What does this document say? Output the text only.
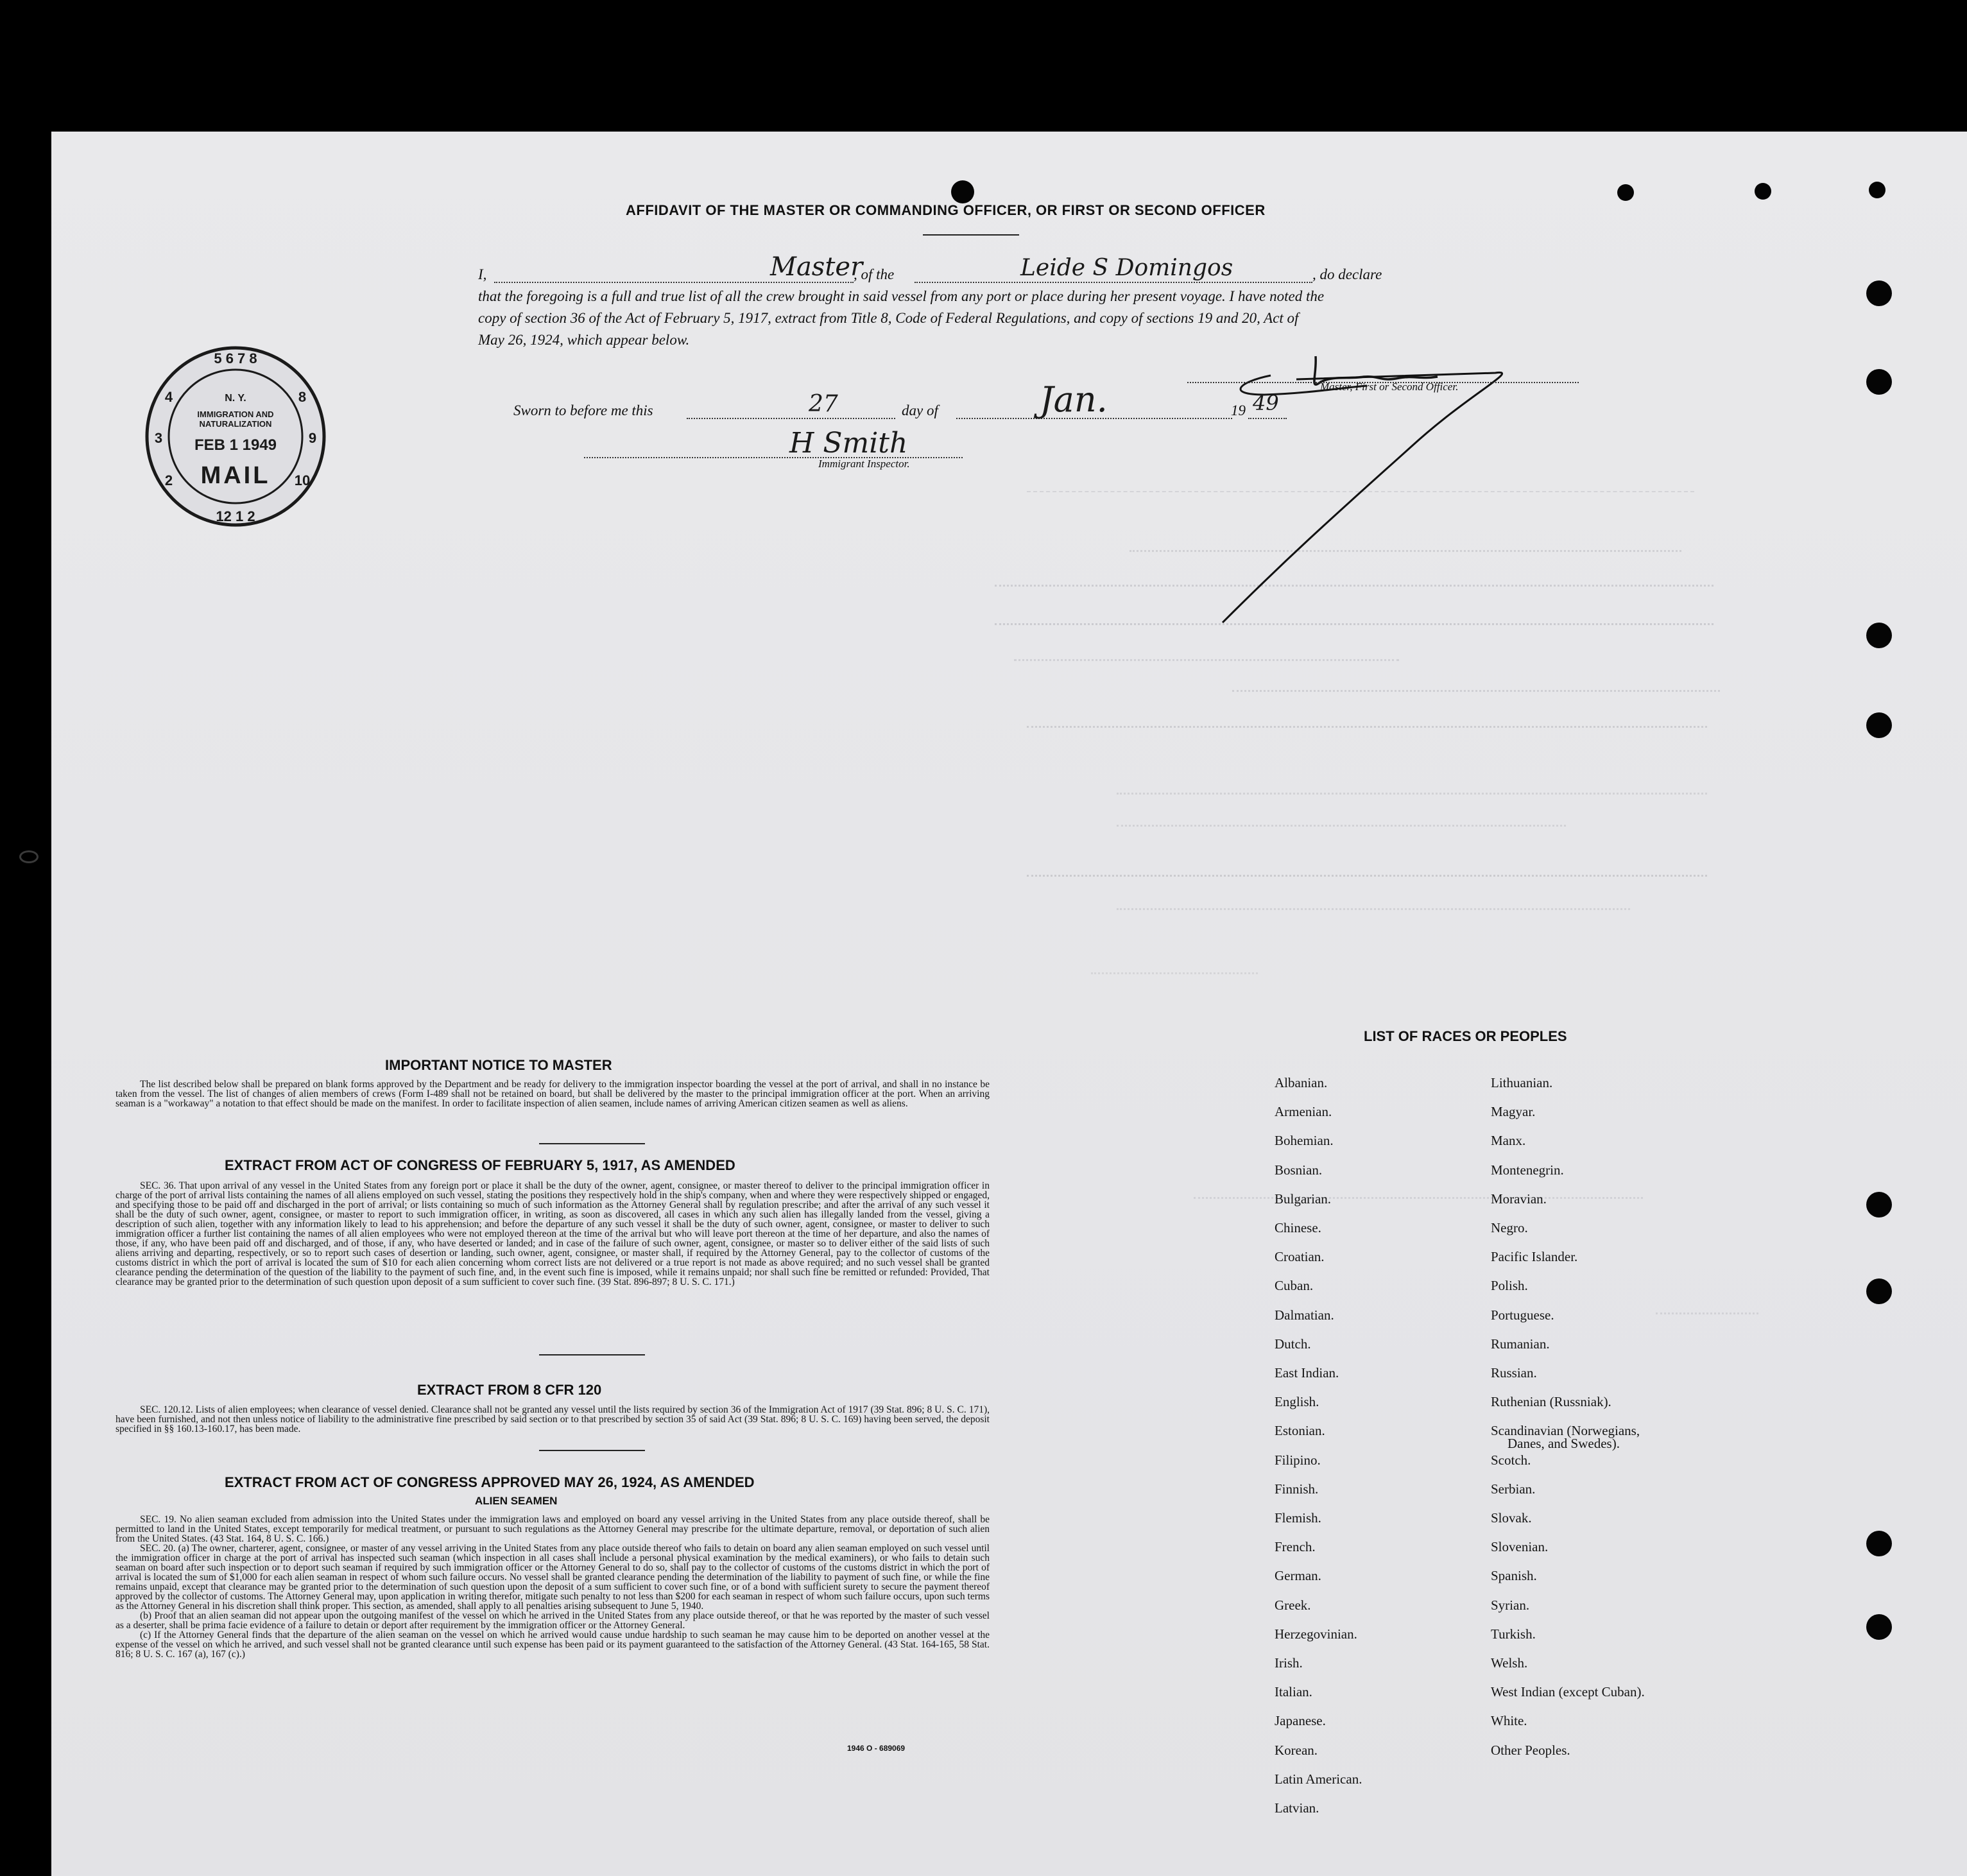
AFFIDAVIT OF THE MASTER OR COMMANDING OFFICER, OR FIRST OR SECOND OFFICER
I,	Master
, of the	Leide S Domingos	, do declare
that the foregoing is a full and true list of all the crew brought in said vessel from any port or place during her present voyage. I have noted the
copy of section 36 of the Act of February 5, 1917, extract from Title 8, Code of Federal Regulations, and copy of sections 19 and 20, Act of
May 26, 1924, which appear below.
Master, First or Second Officer.
Sworn to before me this	27	day of	Jan.	19 49
H Smith
Immigrant Inspector.
5 6 7 8
12 1 2
3	9
4	8
2	10
MAIL
FEB 1 1949
IMMIGRATION AND NATURALIZATION
N. Y.
IMPORTANT NOTICE TO MASTER

The list described below shall be prepared on blank forms approved by the Department and be ready for delivery to the immigration inspector boarding the vessel at the port of arrival, and shall in no instance be taken from the vessel. The list of changes of alien members of crews (Form I-489 shall not be retained on board, but shall be delivered by the master to the principal immigration officer at the port. When an arriving seaman is a "workaway" a notation to that effect should be made on the manifest. In order to facilitate inspection of alien seamen, include names of arriving American citizen seamen as well as aliens.

EXTRACT FROM ACT OF CONGRESS OF FEBRUARY 5, 1917, AS AMENDED

SEC. 36. That upon arrival of any vessel in the United States from any foreign port or place it shall be the duty of the owner, agent, consignee, or master thereof to deliver to the principal immigration officer in charge of the port of arrival lists containing the names of all aliens employed on such vessel, stating the positions they respectively hold in the ship's company, when and where they were respectively shipped or engaged, and specifying those to be paid off and discharged in the port of arrival; or lists containing so much of such information as the Attorney General shall by regulation prescribe; and after the arrival of any such vessel it shall be the duty of such owner, agent, consignee, or master to report to such immigration officer, in writing, as soon as discovered, all cases in which any such alien has illegally landed from the vessel, giving a description of such alien, together with any information likely to lead to his apprehension; and before the departure of any such vessel it shall be the duty of such owner, agent, consignee, or master to deliver to such immigration officer a further list containing the names of all alien employees who were not employed thereon at the time of the arrival but who will leave port thereon at the time of her departure, and also the names of those, if any, who have been paid off and discharged, and of those, if any, who have deserted or landed; and in case of the failure of such owner, agent, consignee, or master so to deliver either of the said lists of such aliens arriving and departing, respectively, or so to report such cases of desertion or landing, such owner, agent, consignee, or master shall, if required by the Attorney General, pay to the collector of customs of the customs district in which the port of arrival is located the sum of $10 for each alien concerning whom correct lists are not delivered or a true report is not made as above required; and no such vessel shall be granted clearance pending the determination of the question of the liability to the payment of such fine, and, in the event such fine is imposed, while it remains unpaid; nor shall such fine be remitted or refunded: Provided, That clearance may be granted prior to the determination of such question upon deposit of a sum sufficient to cover such fine. (39 Stat. 896-897; 8 U. S. C. 171.)

EXTRACT FROM 8 CFR 120

SEC. 120.12. Lists of alien employees; when clearance of vessel denied. Clearance shall not be granted any vessel until the lists required by section 36 of the Immigration Act of 1917 (39 Stat. 896; 8 U. S. C. 171), have been furnished, and not then unless notice of liability to the administrative fine prescribed by said section or to that prescribed by section 35 of said Act (39 Stat. 896; 8 U. S. C. 169) having been served, the deposit specified in §§ 160.13-160.17, has been made.

EXTRACT FROM ACT OF CONGRESS APPROVED MAY 26, 1924, AS AMENDED
ALIEN SEAMEN

SEC. 19. No alien seaman excluded from admission into the United States under the immigration laws and employed on board any vessel arriving in the United States from any place outside thereof, shall be permitted to land in the United States, except temporarily for medical treatment, or pursuant to such regulations as the Attorney General may prescribe for the ultimate departure, removal, or deportation of such alien from the United States. (43 Stat. 164, 8 U. S. C. 166.)

SEC. 20. (a) The owner, charterer, agent, consignee, or master of any vessel arriving in the United States from any place outside thereof who fails to detain on board any alien seaman employed on such vessel until the immigration officer in charge at the port of arrival has inspected such seaman (which inspection in all cases shall include a personal physical examination by the medical examiners), or who fails to detain such seaman on board after such inspection or to deport such seaman if required by such immigration officer or the Attorney General to do so, shall pay to the collector of customs of the customs district in which the port of arrival is located the sum of $1,000 for each alien seaman in respect of whom such failure occurs. No vessel shall be granted clearance pending the determination of the liability to payment of such fine, or while the fine remains unpaid, except that clearance may be granted prior to the determination of such question upon the deposit of a sum sufficient to cover such fine, or of a bond with sufficient surety to secure the payment thereof approved by the collector of customs. The Attorney General may, upon application in writing therefor, mitigate such penalty to not less than $200 for each seaman in respect of whom such failure occurs, upon such terms as the Attorney General in his discretion shall think proper. This section, as amended, shall apply to all penalties arising subsequent to June 5, 1940.

(b) Proof that an alien seaman did not appear upon the outgoing manifest of the vessel on which he arrived in the United States from any place outside thereof, or that he was reported by the master of such vessel as a deserter, shall be prima facie evidence of a failure to detain or deport after requirement by the immigration officer or the Attorney General.

(c) If the Attorney General finds that the departure of the alien seaman on the vessel on which he arrived would cause undue hardship to such seaman he may cause him to be deported on another vessel at the expense of the vessel on which he arrived, and such vessel shall not be granted clearance until such expense has been paid or its payment guaranteed to the satisfaction of the Attorney General. (43 Stat. 164-165, 58 Stat. 816; 8 U. S. C. 167 (a), 167 (c).)

1946 O - 689069
LIST OF RACES OR PEOPLES
Albanian.
Armenian.
Bohemian.
Bosnian.
Bulgarian.
Chinese.
Croatian.
Cuban.
Dalmatian.
Dutch.
East Indian.
English.
Estonian.
Filipino.
Finnish.
Flemish.
French.
German.
Greek.
Herzegovinian.
Irish.
Italian.
Japanese.
Korean.
Latin American.
Latvian.
Lithuanian.
Magyar.
Manx.
Montenegrin.
Moravian.
Negro.
Pacific Islander.
Polish.
Portuguese.
Rumanian.
Russian.
Ruthenian (Russniak).
Scandinavian (Norwegians,
Scotch.
Serbian.
Slovak.
Slovenian.
Spanish.
Syrian.
Turkish.
Welsh.
West Indian (except Cuban).
White.
Other Peoples.
Danes, and Swedes).
